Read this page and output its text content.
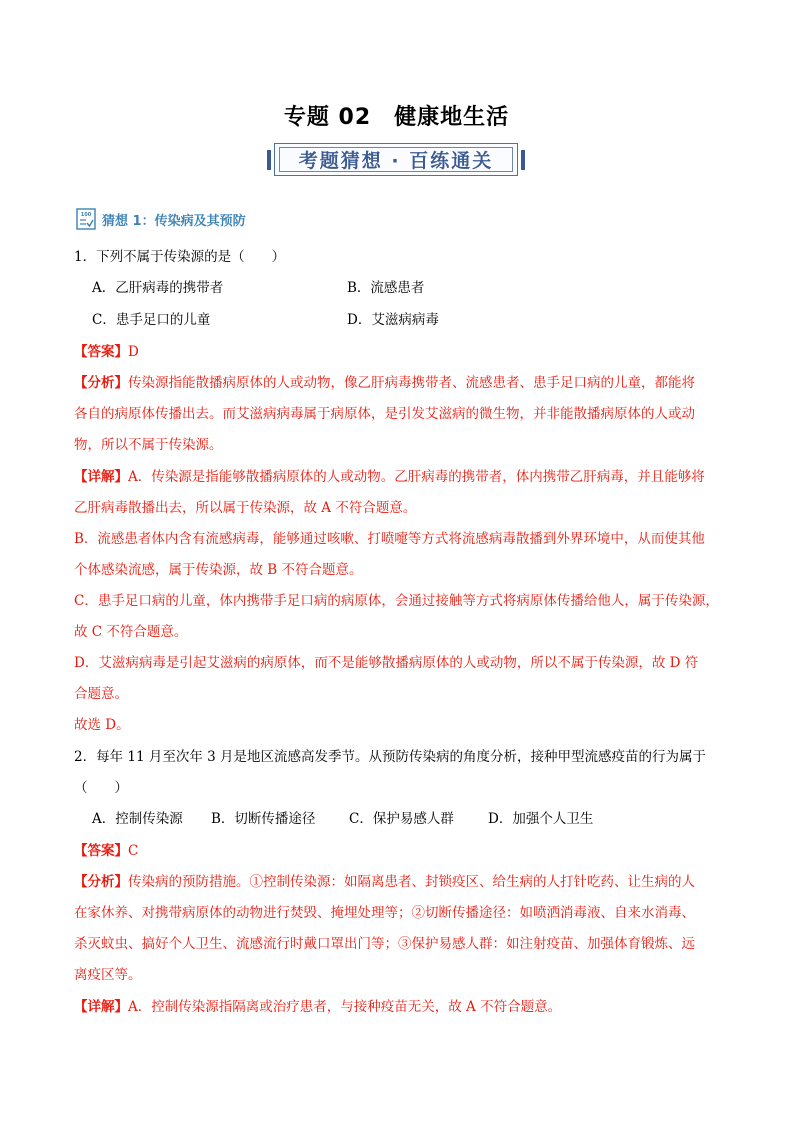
专题 02　健康地生活
考题猜想 · 百练通关
100 猜想 1：传染病及其预防
1．下列不属于传染源的是（　　）
A．乙肝病毒的携带者	B．流感患者
C．患手足口的儿童	D．艾滋病病毒
【答案】D
【分析】传染源指能散播病原体的人或动物，像乙肝病毒携带者、流感患者、患手足口病的儿童，都能将
各自的病原体传播出去。而艾滋病病毒属于病原体，是引发艾滋病的微生物，并非能散播病原体的人或动
物，所以不属于传染源。
【详解】A．传染源是指能够散播病原体的人或动物。乙肝病毒的携带者，体内携带乙肝病毒，并且能够将
乙肝病毒散播出去，所以属于传染源，故 A 不符合题意。
B．流感患者体内含有流感病毒，能够通过咳嗽、打喷嚏等方式将流感病毒散播到外界环境中，从而使其他
个体感染流感，属于传染源，故 B 不符合题意。
C．患手足口病的儿童，体内携带手足口病的病原体，会通过接触等方式将病原体传播给他人，属于传染源，
故 C 不符合题意。
D．艾滋病病毒是引起艾滋病的病原体，而不是能够散播病原体的人或动物，所以不属于传染源，故 D 符
合题意。
故选 D。
2．每年 11 月至次年 3 月是地区流感高发季节。从预防传染病的角度分析，接种甲型流感疫苗的行为属于
（　　）
A．控制传染源 B．切断传播途径 C．保护易感人群	D．加强个人卫生
【答案】C
【分析】传染病的预防措施。①控制传染源：如隔离患者、封锁疫区、给生病的人打针吃药、让生病的人
在家休养、对携带病原体的动物进行焚毁、掩埋处理等；②切断传播途径：如喷洒消毒液、自来水消毒、
杀灭蚊虫、搞好个人卫生、流感流行时戴口罩出门等；③保护易感人群：如注射疫苗、加强体育锻炼、远
离疫区等。
【详解】A．控制传染源指隔离或治疗患者，与接种疫苗无关，故 A 不符合题意。
